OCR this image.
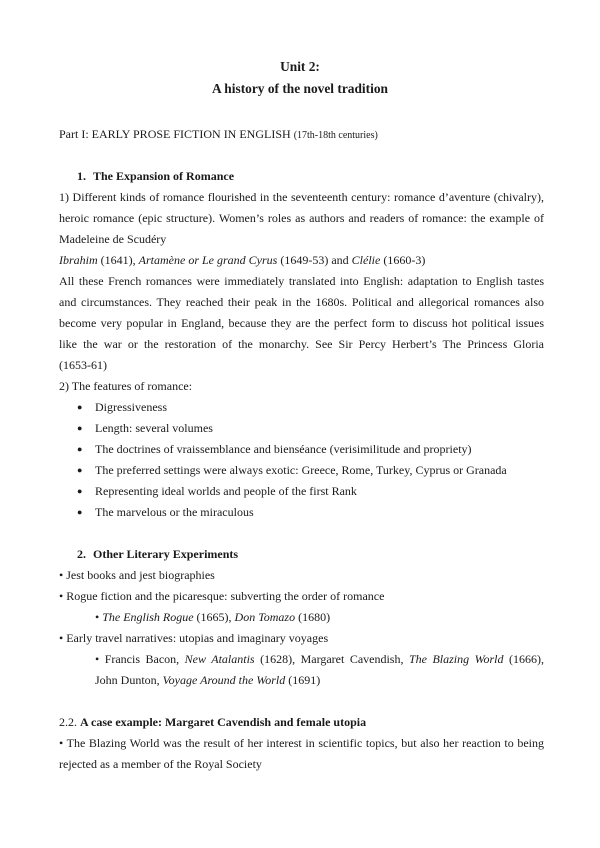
Unit 2:
A history of the novel tradition
Part I: EARLY PROSE FICTION IN ENGLISH (17th-18th centuries)
1. The Expansion of Romance
1) Different kinds of romance flourished in the seventeenth century: romance d’aventure (chivalry),
heroic romance (epic structure). Women’s roles as authors and readers of romance: the example of
Madeleine de Scudéry
Ibrahim (1641), Artamène or Le grand Cyrus (1649-53) and Clélie (1660-3)
All these French romances were immediately translated into English: adaptation to English tastes
and circumstances. They reached their peak in the 1680s. Political and allegorical romances also
become very popular in England, because they are the perfect form to discuss hot political issues
like the war or the restoration of the monarchy. See Sir Percy Herbert’s The Princess Gloria
(1653-61)
2) The features of romance:
● Digressiveness
● Length: several volumes
● The doctrines of vraissemblance and bienséance (verisimilitude and propriety)
● The preferred settings were always exotic: Greece, Rome, Turkey, Cyprus or Granada
● Representing ideal worlds and people of the first Rank
● The marvelous or the miraculous
2. Other Literary Experiments
• Jest books and jest biographies
• Rogue fiction and the picaresque: subverting the order of romance
• The English Rogue (1665), Don Tomazo (1680)
• Early travel narratives: utopias and imaginary voyages
• Francis Bacon, New Atalantis (1628), Margaret Cavendish, The Blazing World (1666),
John Dunton, Voyage Around the World (1691)
2.2. A case example: Margaret Cavendish and female utopia
• The Blazing World was the result of her interest in scientific topics, but also her reaction to being
rejected as a member of the Royal Society
